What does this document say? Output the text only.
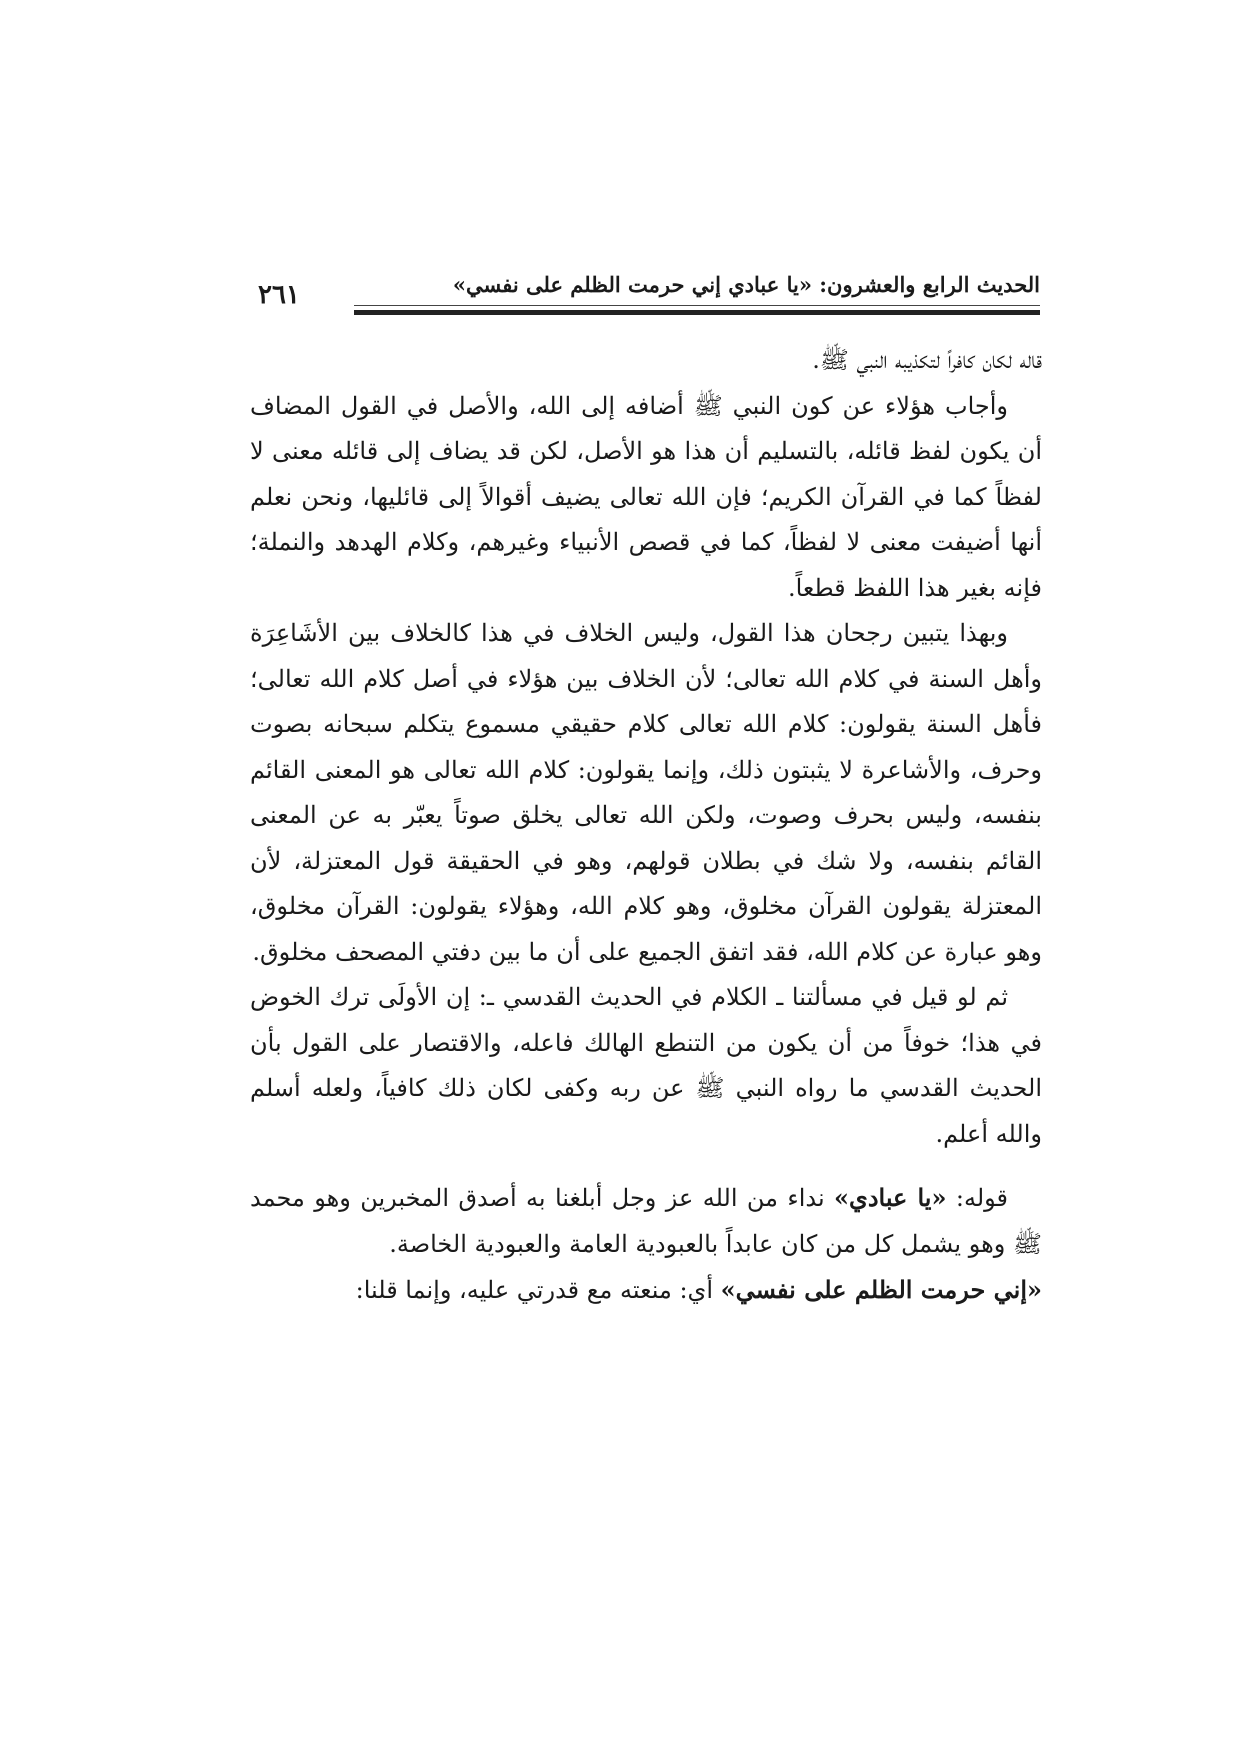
٢٦١	الحديث الرابع والعشرون: «يا عبادي إني حرمت الظلم على نفسي»

قاله لكان كافراً لتكذيبه النبي ﷺ.

وأجاب هؤلاء عن كون النبي ﷺ أضافه إلى الله، والأصل في القول المضاف أن يكون لفظ قائله، بالتسليم أن هذا هو الأصل، لكن قد يضاف إلى قائله معنى لا لفظاً كما في القرآن الكريم؛ فإن الله تعالى يضيف أقوالاً إلى قائليها، ونحن نعلم أنها أضيفت معنى لا لفظاً، كما في قصص الأنبياء وغيرهم، وكلام الهدهد والنملة؛ فإنه بغير هذا اللفظ قطعاً.

وبهذا يتبين رجحان هذا القول، وليس الخلاف في هذا كالخلاف بين الأشَاعِرَة وأهل السنة في كلام الله تعالى؛ لأن الخلاف بين هؤلاء في أصل كلام الله تعالى؛ فأهل السنة يقولون: كلام الله تعالى كلام حقيقي مسموع يتكلم سبحانه بصوت وحرف، والأشاعرة لا يثبتون ذلك، وإنما يقولون: كلام الله تعالى هو المعنى القائم بنفسه، وليس بحرف وصوت، ولكن الله تعالى يخلق صوتاً يعبّر به عن المعنى القائم بنفسه، ولا شك في بطلان قولهم، وهو في الحقيقة قول المعتزلة، لأن المعتزلة يقولون القرآن مخلوق، وهو كلام الله، وهؤلاء يقولون: القرآن مخلوق، وهو عبارة عن كلام الله، فقد اتفق الجميع على أن ما بين دفتي المصحف مخلوق.

ثم لو قيل في مسألتنا ـ الكلام في الحديث القدسي ـ: إن الأولَى ترك الخوض في هذا؛ خوفاً من أن يكون من التنطع الهالك فاعله، والاقتصار على القول بأن الحديث القدسي ما رواه النبي ﷺ عن ربه وكفى لكان ذلك كافياً، ولعله أسلم والله أعلم.

قوله: «يا عبادي» نداء من الله عز وجل أبلغنا به أصدق المخبرين وهو محمد ﷺ وهو يشمل كل من كان عابداً بالعبودية العامة والعبودية الخاصة.

«إني حرمت الظلم على نفسي» أي: منعته مع قدرتي عليه، وإنما قلنا:
